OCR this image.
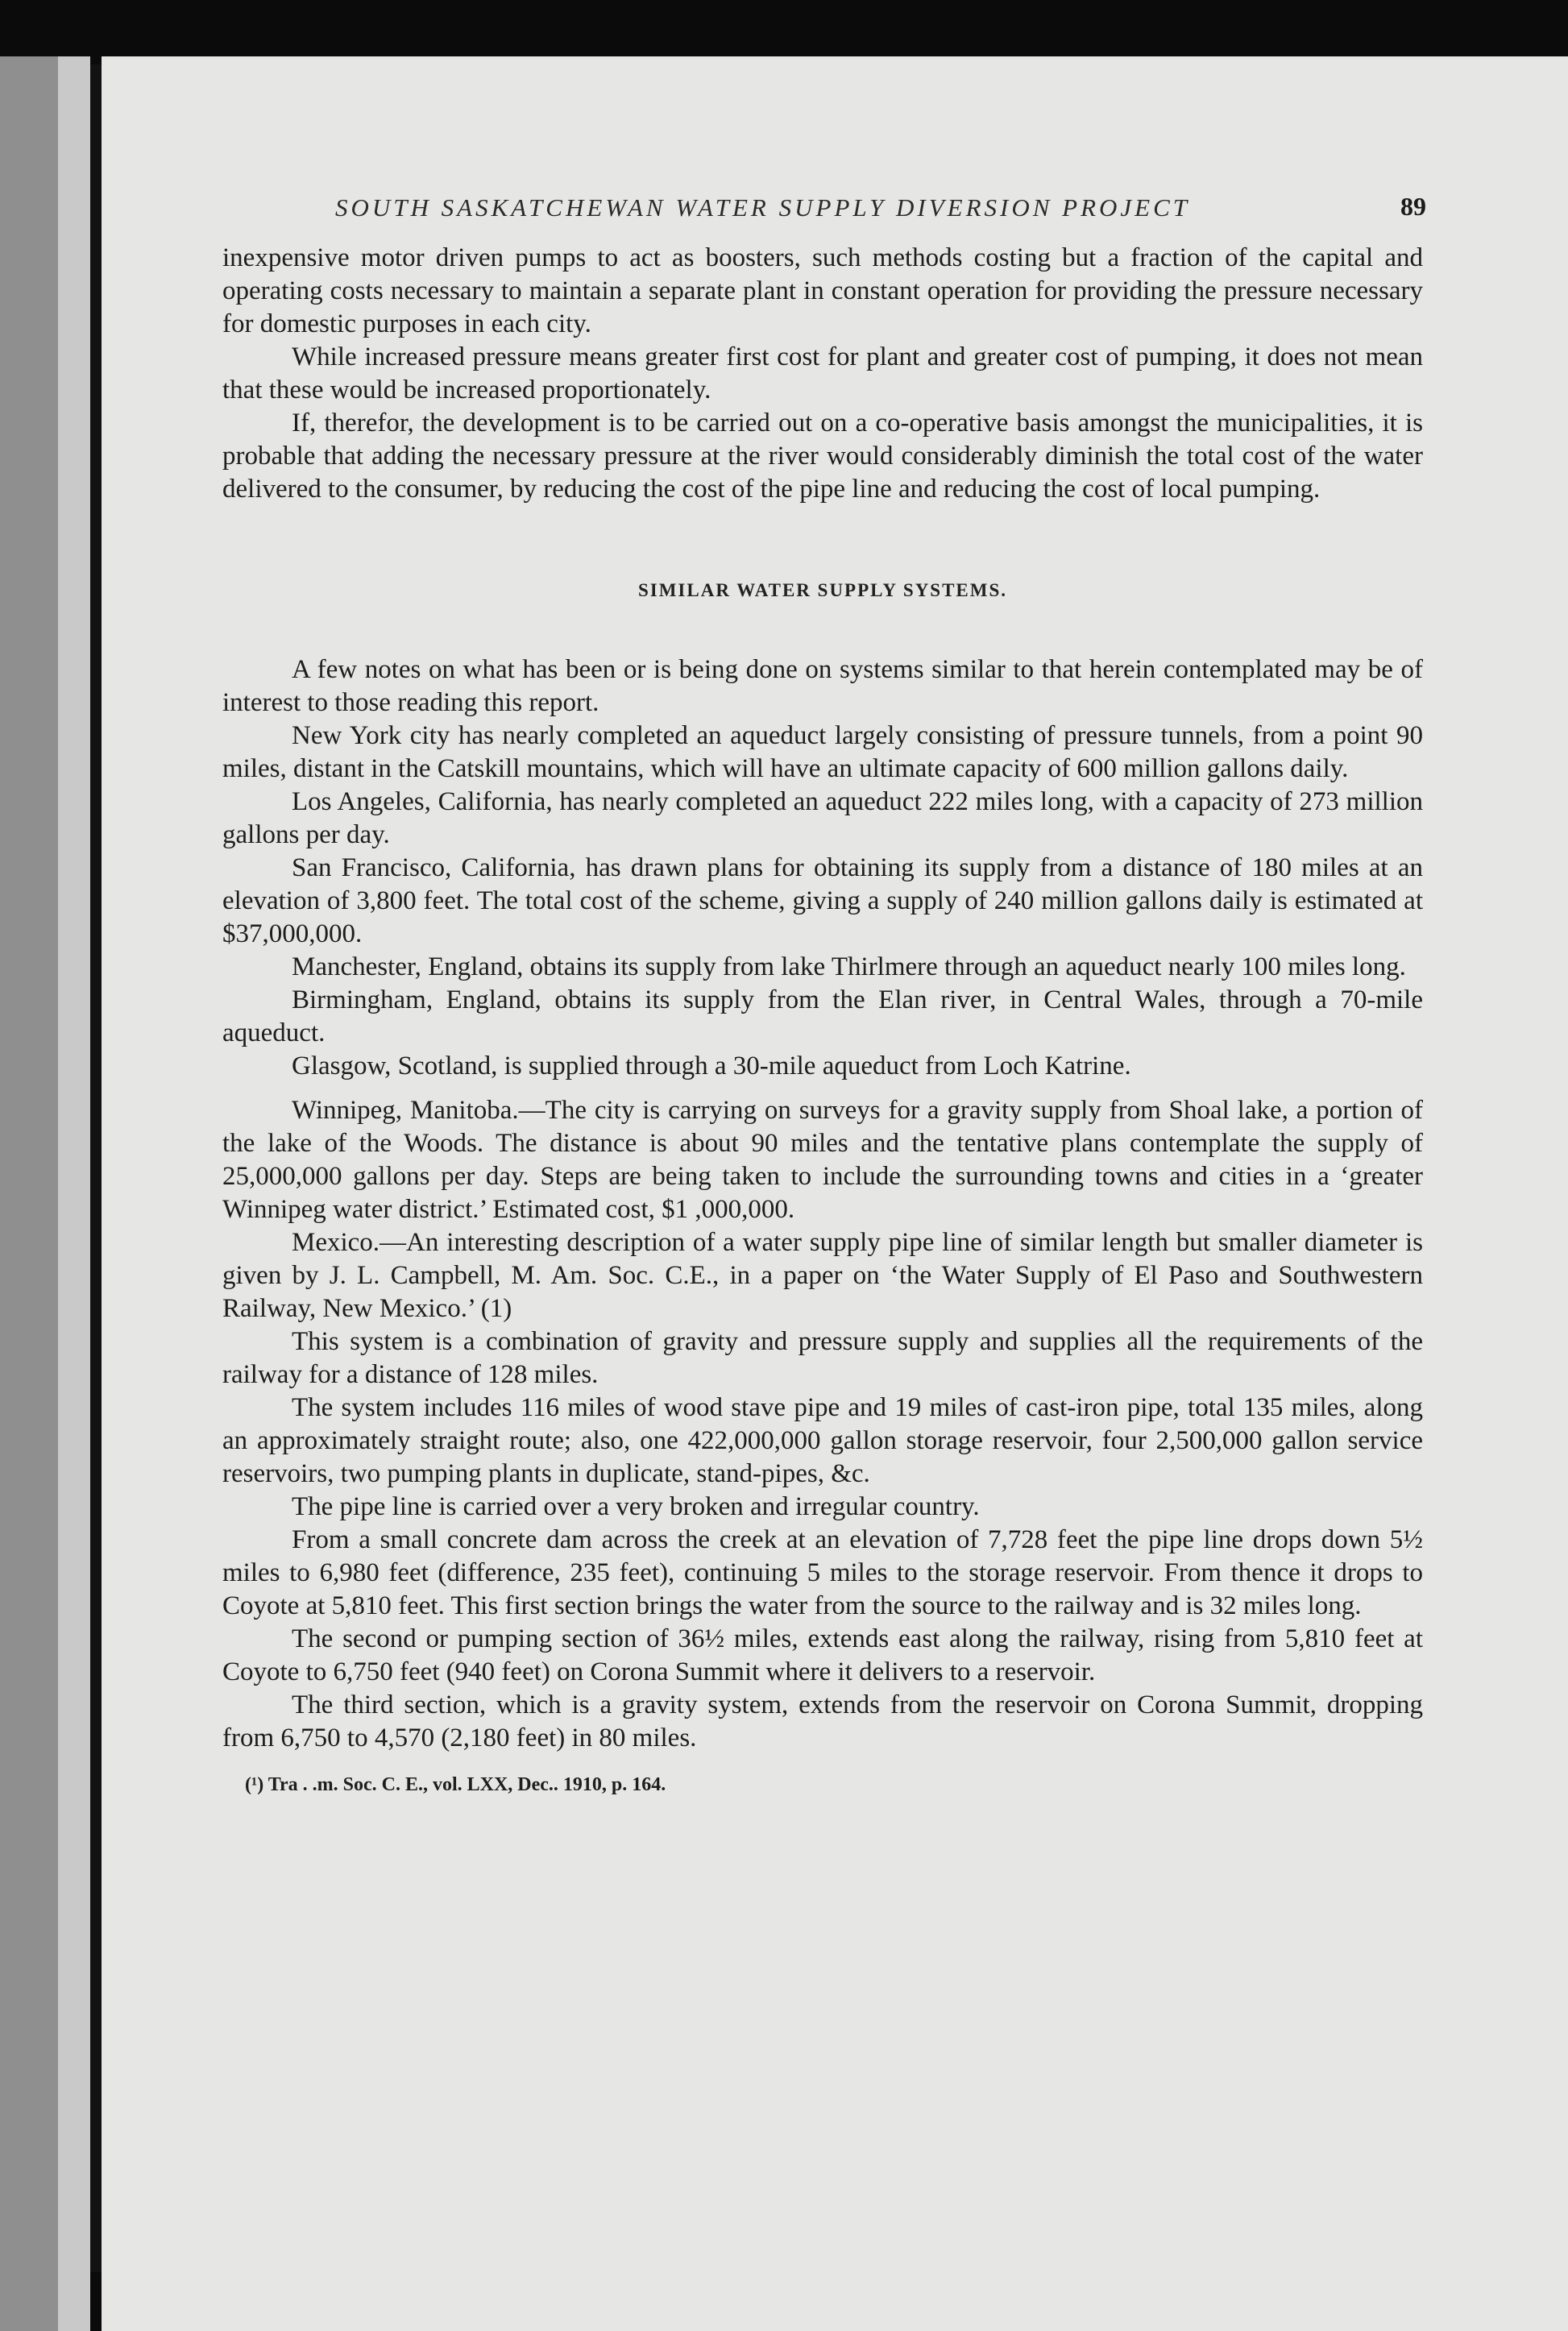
SOUTH SASKATCHEWAN WATER SUPPLY DIVERSION PROJECT	89

inexpensive motor driven pumps to act as boosters, such methods costing but a fraction of the capital and operating costs necessary to maintain a separate plant in constant operation for providing the pressure necessary for domestic purposes in each city.

While increased pressure means greater first cost for plant and greater cost of pumping, it does not mean that these would be increased proportionately.

If, therefor, the development is to be carried out on a co-operative basis amongst the municipalities, it is probable that adding the necessary pressure at the river would considerably diminish the total cost of the water delivered to the consumer, by reducing the cost of the pipe line and reducing the cost of local pumping.

SIMILAR WATER SUPPLY SYSTEMS.

A few notes on what has been or is being done on systems similar to that herein contemplated may be of interest to those reading this report.

New York city has nearly completed an aqueduct largely consisting of pressure tunnels, from a point 90 miles, distant in the Catskill mountains, which will have an ultimate capacity of 600 million gallons daily.

Los Angeles, California, has nearly completed an aqueduct 222 miles long, with a capacity of 273 million gallons per day.

San Francisco, California, has drawn plans for obtaining its supply from a distance of 180 miles at an elevation of 3,800 feet. The total cost of the scheme, giving a supply of 240 million gallons daily is estimated at $37,000,000.

Manchester, England, obtains its supply from lake Thirlmere through an aqueduct nearly 100 miles long.

Birmingham, England, obtains its supply from the Elan river, in Central Wales, through a 70-mile aqueduct.

Glasgow, Scotland, is supplied through a 30-mile aqueduct from Loch Katrine.

Winnipeg, Manitoba.—The city is carrying on surveys for a gravity supply from Shoal lake, a portion of the lake of the Woods. The distance is about 90 miles and the tentative plans contemplate the supply of 25,000,000 gallons per day. Steps are being taken to include the surrounding towns and cities in a ‘greater Winnipeg water district.’ Estimated cost, $1 ,000,000.

Mexico.—An interesting description of a water supply pipe line of similar length but smaller diameter is given by J. L. Campbell, M. Am. Soc. C.E., in a paper on ‘the Water Supply of El Paso and Southwestern Railway, New Mexico.’ (1)

This system is a combination of gravity and pressure supply and supplies all the requirements of the railway for a distance of 128 miles.

The system includes 116 miles of wood stave pipe and 19 miles of cast-iron pipe, total 135 miles, along an approximately straight route; also, one 422,000,000 gallon storage reservoir, four 2,500,000 gallon service reservoirs, two pumping plants in duplicate, stand-pipes, &c.

The pipe line is carried over a very broken and irregular country.

From a small concrete dam across the creek at an elevation of 7,728 feet the pipe line drops down 5½ miles to 6,980 feet (difference, 235 feet), continuing 5 miles to the storage reservoir. From thence it drops to Coyote at 5,810 feet. This first section brings the water from the source to the railway and is 32 miles long.

The second or pumping section of 36½ miles, extends east along the railway, rising from 5,810 feet at Coyote to 6,750 feet (940 feet) on Corona Summit where it delivers to a reservoir.

The third section, which is a gravity system, extends from the reservoir on Corona Summit, dropping from 6,750 to 4,570 (2,180 feet) in 80 miles.

(¹) Tra . .m. Soc. C. E., vol. LXX, Dec.. 1910, p. 164.
